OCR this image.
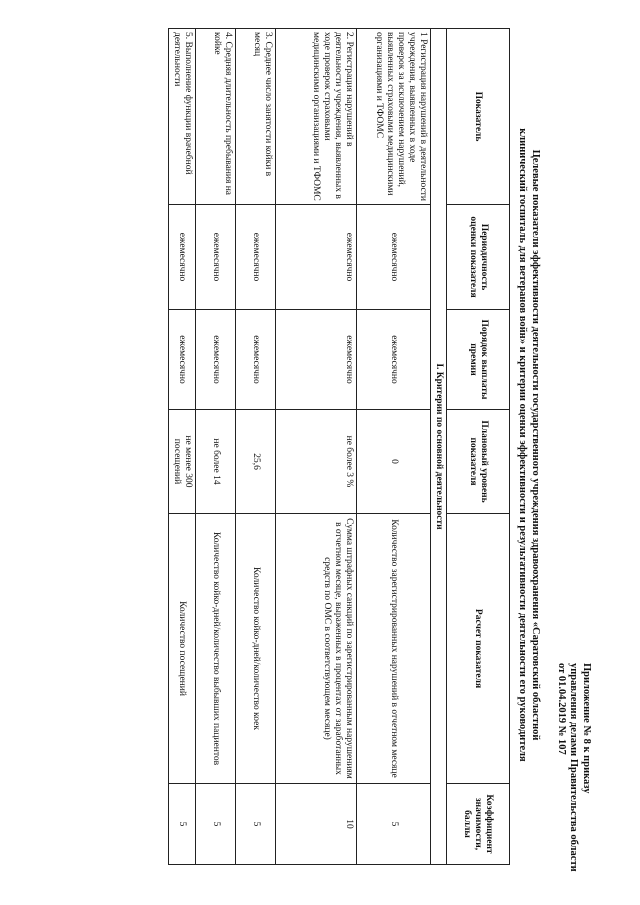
Приложение № 8 к приказу
управления делами Правительства области
от 01.04.2019 № 107
Целевые показатели эффективности деятельности государственного учреждения здравоохранения «Саратовский областной
клинический госпиталь для ветеранов войн» и критерии оценки эффективности и результативности деятельности его руководителя
Показатель	Периодичность оценки показателя	Порядок выплаты премии	Плановый уровень показателя	Расчет показателя	Коэффициент значимости, баллы
I. Критерии по основной деятельности					
1 Регистрация нарушений в деятельности учреждения, выявленных в ходе проверок за исключением нарушений, выявленных страховыми медицинскими организациями и ТФОМС	ежемесячно	ежемесячно	0	Количество зарегистрированных нарушений в отчетном месяце	5
2. Регистрация нарушений в деятельности учреждения, выявленных в ходе проверок страховыми медицинскими организациями и ТФОМС	ежемесячно	ежемесячно	не более 3 %	Сумма штрафных санкций по зарегистрированным нарушениям в отчетном месяце, выраженных в процентах от заработанных средств по ОМС в соответствующем месяце)	10
3. Среднее число занятости койки в месяц	ежемесячно	ежемесячно	25,6	Количество койко-дней/количество коек	5
4. Средняя длительность пребывания на койке	ежемесячно	ежемесячно	не более 14	Количество койко-дней/количество выбывших пациентов	5
5. Выполнение функции врачебной деятельности	ежемесячно	ежемесячно	не менее 300 посещений	Количество посещений	5
